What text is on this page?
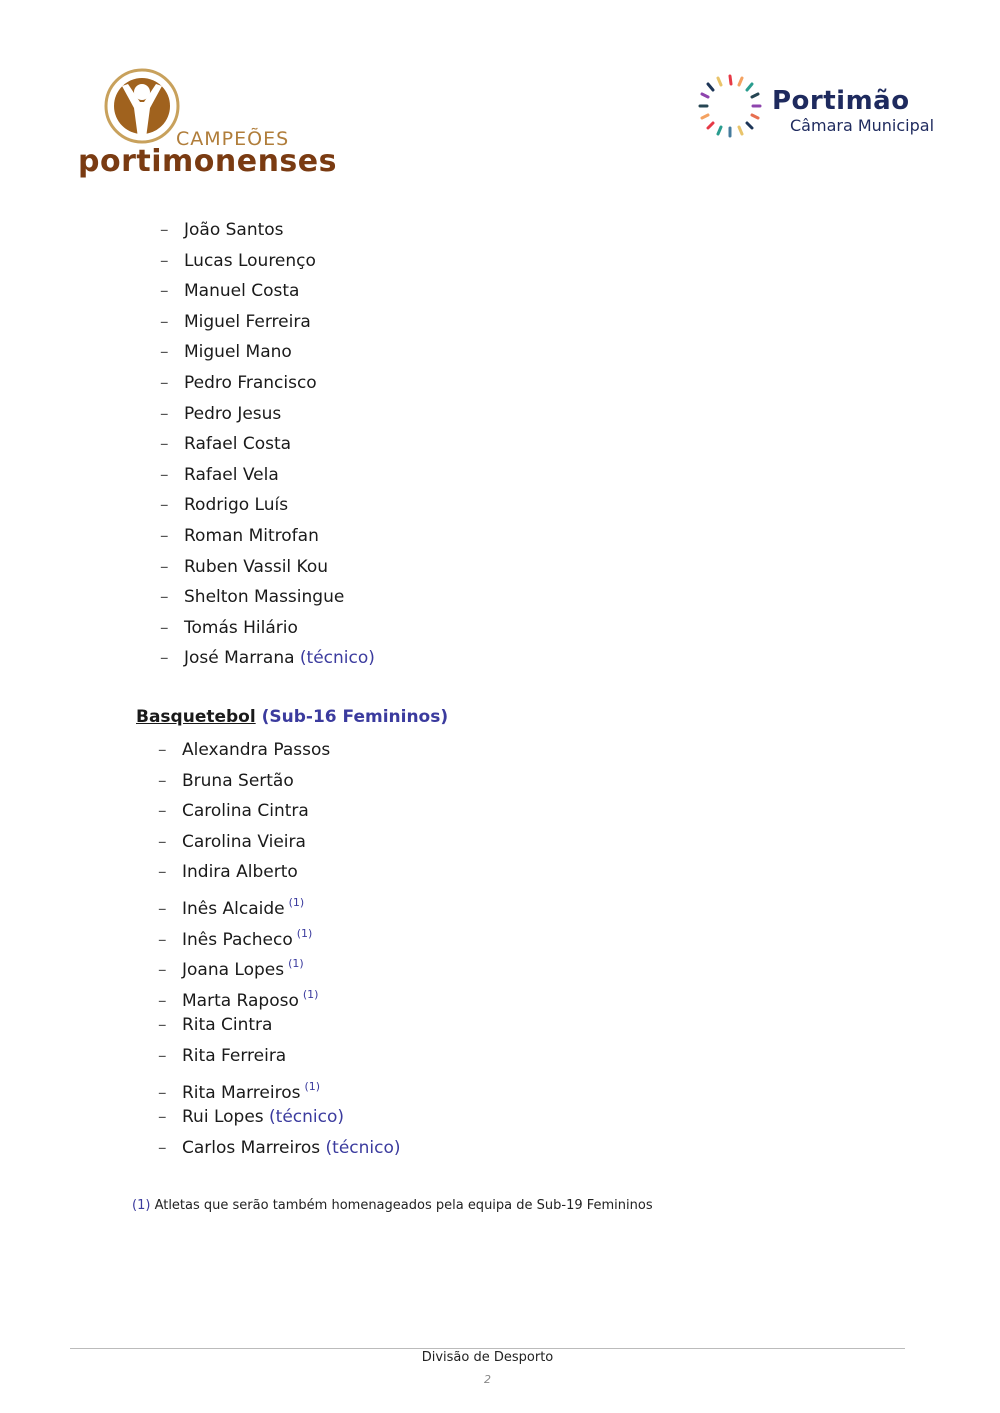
CAMPEÕES
portimonenses
Portimão
Câmara Municipal
– João Santos
– Lucas Lourenço
– Manuel Costa
– Miguel Ferreira
– Miguel Mano
– Pedro Francisco
– Pedro Jesus
– Rafael Costa
– Rafael Vela
– Rodrigo Luís
– Roman Mitrofan
– Ruben Vassil Kou
– Shelton Massingue
– Tomás Hilário
– José Marrana (técnico)
Basquetebol (Sub-16 Femininos)
– Alexandra Passos
– Bruna Sertão
– Carolina Cintra
– Carolina Vieira
– Indira Alberto
– Inês Alcaide $^{(1)}$
– Inês Pacheco $^{(1)}$
– Joana Lopes $^{(1)}$
– Marta Raposo $^{(1)}$
– Rita Cintra
– Rita Ferreira
– Rita Marreiros $^{(1)}$
– Rui Lopes (técnico)
– Carlos Marreiros (técnico)
(1) Atletas que serão também homenageados pela equipa de Sub-19 Femininos
Divisão de Desporto
2
